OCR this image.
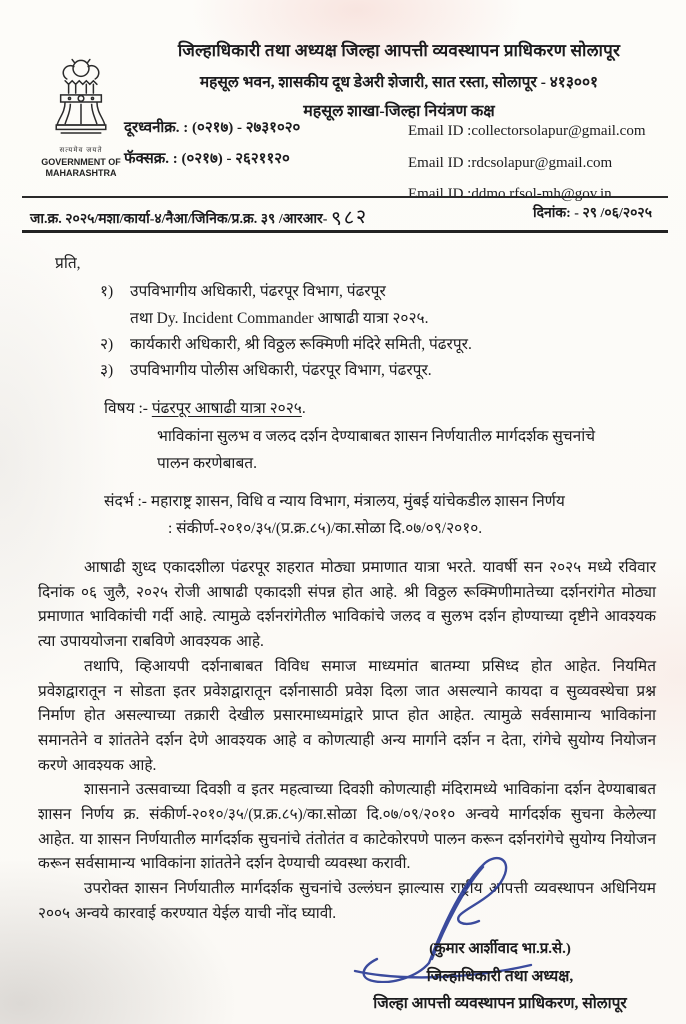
जिल्हाधिकारी तथा अध्यक्ष जिल्हा आपत्ती व्यवस्थापन प्राधिकरण सोलापूर
महसूल भवन, शासकीय दूध डेअरी शेजारी, सात रस्ता, सोलापूर - ४१३००१
महसूल शाखा-जिल्हा नियंत्रण कक्ष
सत्यमेव जयते
GOVERNMENT OF
MAHARASHTRA
दूरध्वनीक्र. : (०२१७) - २७३१०२०
फॅक्सक्र. : (०२१७) - २६२११२०
Email ID :collectorsolapur@gmail.com
Email ID :rdcsolapur@gmail.com
Email ID :ddmo.rfsol-mh@gov.in
जा.क्र. २०२५/मशा/कार्या-४/नैआ/जिनिक/प्र.क्र. ३९ /आरआर- ९८२	दिनांक: - २९ /०६/२०२५
प्रति,
१) उपविभागीय अधिकारी, पंढरपूर विभाग, पंढरपूर
तथा Dy. Incident Commander आषाढी यात्रा २०२५.
२) कार्यकारी अधिकारी, श्री विठ्ठल रूक्मिणी मंदिरे समिती, पंढरपूर.
३) उपविभागीय पोलीस अधिकारी, पंढरपूर विभाग, पंढरपूर.
विषय :- पंढरपूर आषाढी यात्रा २०२५.
भाविकांना सुलभ व जलद दर्शन देण्याबाबत शासन निर्णयातील मार्गदर्शक सुचनांचे
पालन करणेबाबत.
संदर्भ :- महाराष्ट्र शासन, विधि व न्याय विभाग, मंत्रालय, मुंबई यांचेकडील शासन निर्णय
: संकीर्ण-२०१०/३५/(प्र.क्र.८५)/का.सोळा दि.०७/०९/२०१०.

आषाढी शुध्द एकादशीला पंढरपूर शहरात मोठ्या प्रमाणात यात्रा भरते. यावर्षी सन २०२५ मध्ये रविवार दिनांक ०६ जुलै, २०२५ रोजी आषाढी एकादशी संपन्न होत आहे. श्री विठ्ठल रूक्मिणीमातेच्या दर्शनरांगेत मोठ्या प्रमाणात भाविकांची गर्दी आहे. त्यामुळे दर्शनरांगेतील भाविकांचे जलद व सुलभ दर्शन होण्याच्या दृष्टीने आवश्यक त्या उपाययोजना राबविणे आवश्यक आहे.

तथापि, व्हिआयपी दर्शनाबाबत विविध समाज माध्यमांत बातम्या प्रसिध्द होत आहेत. नियमित प्रवेशद्वारातून न सोडता इतर प्रवेशद्वारातून दर्शनासाठी प्रवेश दिला जात असल्याने कायदा व सुव्यवस्थेचा प्रश्न निर्माण होत असल्याच्या तक्रारी देखील प्रसारमाध्यमांद्वारे प्राप्त होत आहेत. त्यामुळे सर्वसामान्य भाविकांना समानतेने व शांततेने दर्शन देणे आवश्यक आहे व कोणत्याही अन्य मार्गाने दर्शन न देता, रांगेचे सुयोग्य नियोजन करणे आवश्यक आहे.

शासनाने उत्सवाच्या दिवशी व इतर महत्वाच्या दिवशी कोणत्याही मंदिरामध्ये भाविकांना दर्शन देण्याबाबत शासन निर्णय क्र. संकीर्ण-२०१०/३५/(प्र.क्र.८५)/का.सोळा दि.०७/०९/२०१० अन्वये मार्गदर्शक सुचना केलेल्या आहेत. या शासन निर्णयातील मार्गदर्शक सुचनांचे तंतोतंत व काटेकोरपणे पालन करून दर्शनरांगेचे सुयोग्य नियोजन करून सर्वसामान्य भाविकांना शांततेने दर्शन देण्याची व्यवस्था करावी.

उपरोक्त शासन निर्णयातील मार्गदर्शक सुचनांचे उल्लंघन झाल्यास राष्ट्रीय आपत्ती व्यवस्थापन अधिनियम २००५ अन्वये कारवाई करण्यात येईल याची नोंद घ्यावी.

(कुमार आर्शीवाद भा.प्र.से.)
जिल्हाधिकारी तथा अध्यक्ष,
जिल्हा आपत्ती व्यवस्थापन प्राधिकरण, सोलापूर
